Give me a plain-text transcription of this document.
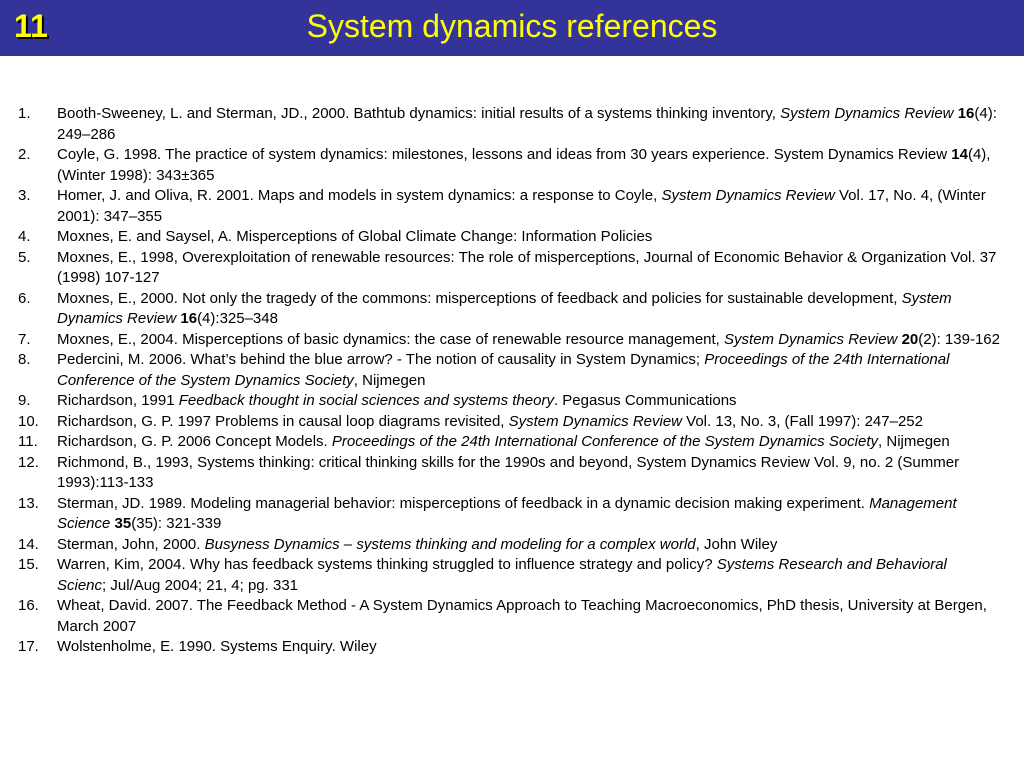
System dynamics references
11
1. Booth-Sweeney, L. and Sterman, JD., 2000. Bathtub dynamics: initial results of a systems thinking inventory, System Dynamics Review 16(4): 249–286
2. Coyle, G. 1998. The practice of system dynamics: milestones, lessons and ideas from 30 years experience. System Dynamics Review 14(4), (Winter 1998): 343±365
3. Homer, J. and Oliva, R. 2001. Maps and models in system dynamics: a response to Coyle, System Dynamics Review Vol. 17, No. 4, (Winter 2001): 347–355
4. Moxnes, E. and Saysel, A. Misperceptions of Global Climate Change: Information Policies
5. Moxnes, E., 1998, Overexploitation of renewable resources: The role of misperceptions, Journal of Economic Behavior & Organization Vol. 37 (1998) 107-127
6. Moxnes, E., 2000. Not only the tragedy of the commons: misperceptions of feedback and policies for sustainable development, System Dynamics Review 16(4):325–348
7. Moxnes, E., 2004. Misperceptions of basic dynamics: the case of renewable resource management, System Dynamics Review 20(2): 139-162
8. Pedercini, M. 2006. What’s behind the blue arrow? - The notion of causality in System Dynamics; Proceedings of the 24th International Conference of the System Dynamics Society, Nijmegen
9. Richardson, 1991 Feedback thought in social sciences and systems theory. Pegasus Communications
10. Richardson, G. P. 1997 Problems in causal loop diagrams revisited, System Dynamics Review Vol. 13, No. 3, (Fall 1997): 247–252
11. Richardson, G. P. 2006 Concept Models. Proceedings of the 24th International Conference of the System Dynamics Society, Nijmegen
12. Richmond, B., 1993, Systems thinking: critical thinking skills for the 1990s and beyond, System Dynamics Review Vol. 9, no. 2 (Summer 1993):113-133
13. Sterman, JD. 1989. Modeling managerial behavior: misperceptions of feedback in a dynamic decision making experiment. Management Science 35(35): 321-339
14. Sterman, John, 2000. Busyness Dynamics – systems thinking and modeling for a complex world, John Wiley
15. Warren, Kim, 2004. Why has feedback systems thinking struggled to influence strategy and policy? Systems Research and Behavioral Scienc; Jul/Aug 2004; 21, 4; pg. 331
16. Wheat, David. 2007. The Feedback Method - A System Dynamics Approach to Teaching Macroeconomics, PhD thesis, University at Bergen, March 2007
17. Wolstenholme, E. 1990. Systems Enquiry. Wiley
